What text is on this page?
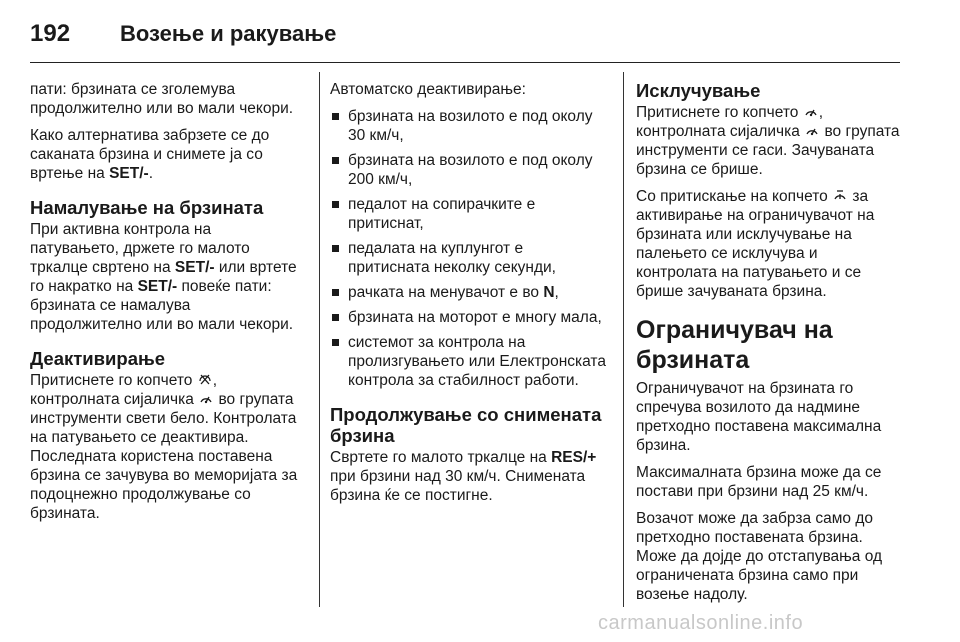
192	Возење и ракување

пати: брзината се зголемува продолжително или во мали чекори.

Како алтернатива забрзете се до саканата брзина и снимете ја со вртење на SET/-.

Намалување на брзината

При активна контрола на патувањето, држете го малото тркалце свртено на SET/- или вртете го накратко на SET/- повеќе пати: брзината се намалува продолжително или во мали чекори.

Деактивирање

Притиснете го копчето , контролната сијаличка  во групата инструменти свети бело. Контролата на патувањето се деактивира. Последната користена поставена брзина се зачувува во меморијата за подоцнежно продолжување со брзината.

Автоматско деактивирање:

брзината на возилото е под околу 30 км/ч,
брзината на возилото е под околу 200 км/ч,
педалот на сопирачките е притиснат,
педалата на куплунгот е притисната неколку секунди,
рачката на менувачот е во N,
брзината на моторот е многу мала,
системот за контрола на пролизгувањето или Електронската контрола за стабилност работи.
Продолжување со снимената брзина

Свртете го малото тркалце на RES/+ при брзини над 30 км/ч. Снимената брзина ќе се постигне.

Исклучување

Притиснете го копчето , контролната сијаличка  во групата инструменти се гаси. Зачуваната брзина се брише.

Со притискање на копчето  за активирање на ограничувачот на брзината или исклучување на палењето се исклучува и контролата на патувањето и се брише зачуваната брзина.

Ограничувач на брзината

Ограничувачот на брзината го спречува возилото да надмине претходно поставена максимална брзина.

Максималната брзина може да се постави при брзини над 25 км/ч.

Возачот може да забрза само до претходно поставената брзина. Може да дојде до отстапувања од ограничената брзина само при возење надолу.

carmanualsonline.info
